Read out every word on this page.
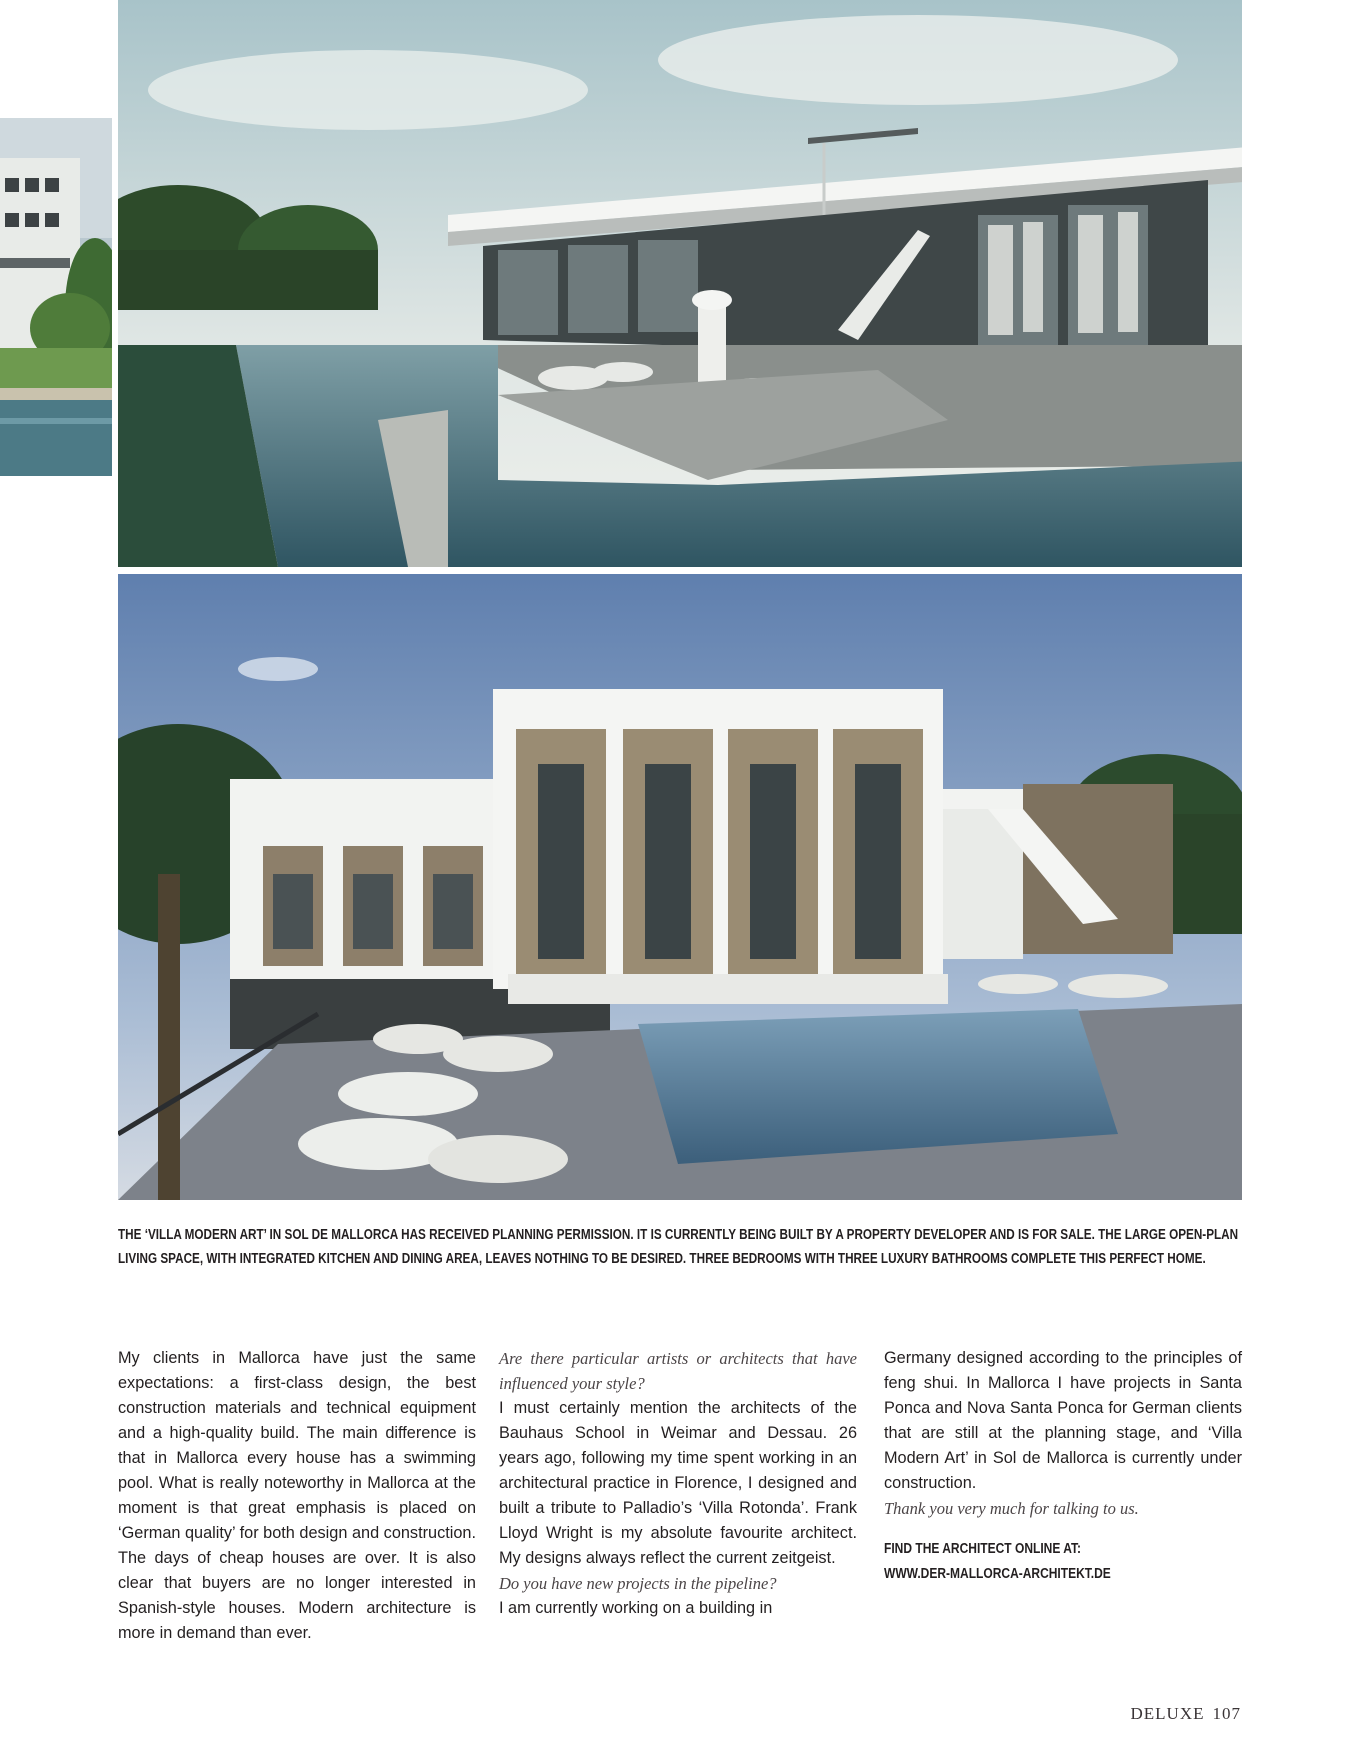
THE ‘VILLA MODERN ART’ IN SOL DE MALLORCA HAS RECEIVED PLANNING PERMISSION. IT IS CURRENTLY BEING BUILT BY A PROPERTY DEVELOPER AND IS FOR SALE. THE LARGE OPEN-PLAN

LIVING SPACE, WITH INTEGRATED KITCHEN AND DINING AREA, LEAVES NOTHING TO BE DESIRED. THREE BEDROOMS WITH THREE LUXURY BATHROOMS COMPLETE THIS PERFECT HOME.

My clients in Mallorca have just the same expectations: a first-class design, the best construction materials and technical equipment and a high-quality build. The main difference is that in Mallorca every house has a swimming pool. What is really noteworthy in Mallorca at the moment is that great emphasis is placed on ‘German quality’ for both design and construction. The days of cheap houses are over. It is also clear that buyers are no longer interested in Spanish-style houses. Modern architecture is more in demand than ever.

Are there particular artists or architects that have influenced your style?

I must certainly mention the architects of the Bauhaus School in Weimar and Dessau. 26 years ago, following my time spent working in an architectural practice in Florence, I designed and built a tribute to Palladio’s ‘Villa Rotonda’. Frank Lloyd Wright is my absolute favourite architect. My designs always reflect the current zeitgeist.

Do you have new projects in the pipeline?

I am currently working on a building in

Germany designed according to the principles of feng shui. In Mallorca I have projects in Santa Ponca and Nova Santa Ponca for German clients that are still at the planning stage, and ‘Villa Modern Art’ in Sol de Mallorca is currently under construction.

Thank you very much for talking to us.

FIND THE ARCHITECT ONLINE AT:

WWW.DER-MALLORCA-ARCHITEKT.DE

DELUXE 107
